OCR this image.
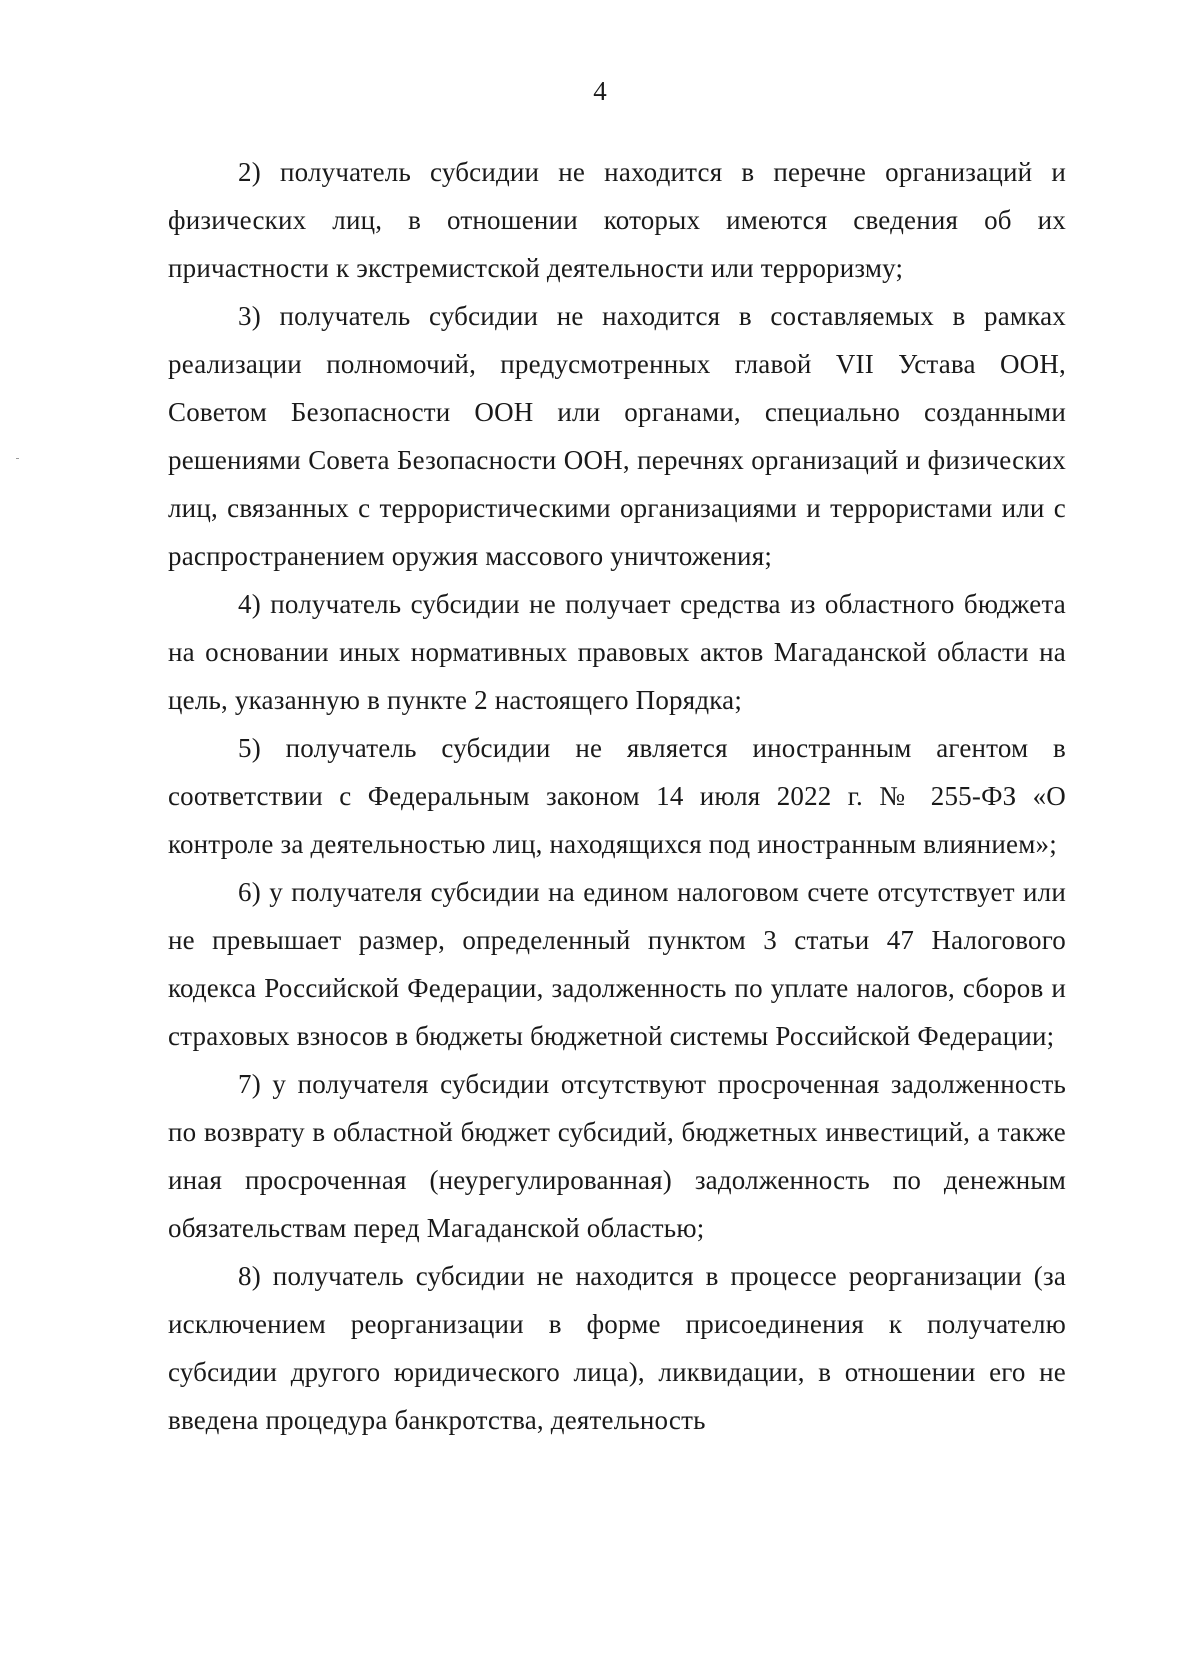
4

2) получатель субсидии не находится в перечне организаций и физических лиц, в отношении которых имеются сведения об их причастности к экстремистской деятельности или терроризму;

3) получатель субсидии не находится в составляемых в рамках реализации полномочий, предусмотренных главой VII Устава ООН, Советом Безопасности ООН или органами, специально созданными решениями Совета Безопасности ООН, перечнях организаций и физических лиц, связанных с террористическими организациями и террористами или с распространением оружия массового уничтожения;

4) получатель субсидии не получает средства из областного бюджета на основании иных нормативных правовых актов Магаданской области на цель, указанную в пункте 2 настоящего Порядка;

5) получатель субсидии не является иностранным агентом в соответствии с Федеральным законом 14 июля 2022 г. № 255-ФЗ «О контроле за деятельностью лиц, находящихся под иностранным влиянием»;

6) у получателя субсидии на едином налоговом счете отсутствует или не превышает размер, определенный пунктом 3 статьи 47 Налогового кодекса Российской Федерации, задолженность по уплате налогов, сборов и страховых взносов в бюджеты бюджетной системы Российской Федерации;

7) у получателя субсидии отсутствуют просроченная задолженность по возврату в областной бюджет субсидий, бюджетных инвестиций, а также иная просроченная (неурегулированная) задолженность по денежным обязательствам перед Магаданской областью;

8) получатель субсидии не находится в процессе реорганизации (за исключением реорганизации в форме присоединения к получателю субсидии другого юридического лица), ликвидации, в отношении его не введена процедура банкротства, деятельность
